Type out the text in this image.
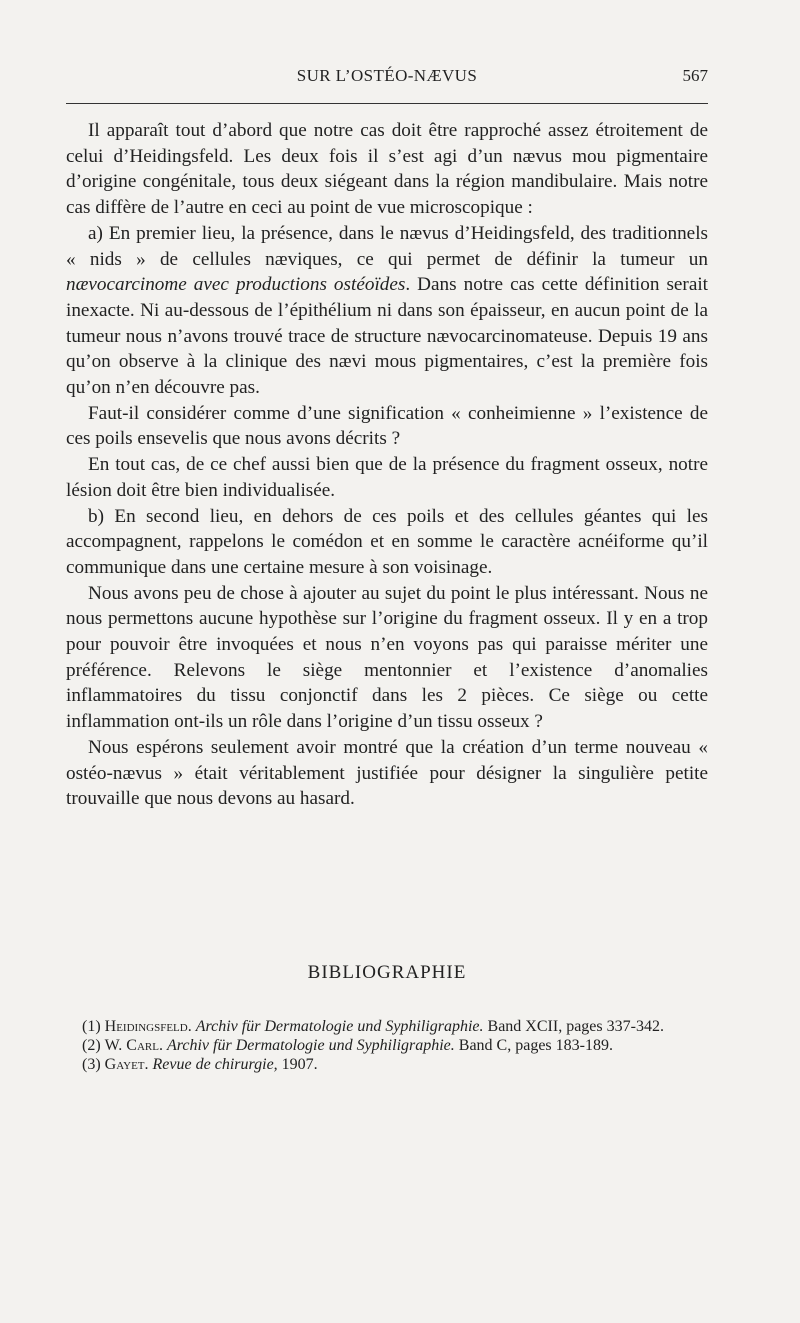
SUR L’OSTÉO-NÆVUS	567

Il apparaît tout d’abord que notre cas doit être rapproché assez étroitement de celui d’Heidingsfeld. Les deux fois il s’est agi d’un nævus mou pigmentaire d’origine congénitale, tous deux siégeant dans la région mandibulaire. Mais notre cas diffère de l’autre en ceci au point de vue microscopique :

a) En premier lieu, la présence, dans le nævus d’Heidingsfeld, des traditionnels « nids » de cellules næviques, ce qui permet de définir la tumeur un nævocarcinome avec productions ostéoïdes. Dans notre cas cette définition serait inexacte. Ni au-dessous de l’épithélium ni dans son épaisseur, en aucun point de la tumeur nous n’avons trouvé trace de structure nævocarcinomateuse. Depuis 19 ans qu’on observe à la clinique des nævi mous pigmentaires, c’est la première fois qu’on n’en découvre pas.

Faut-il considérer comme d’une signification « conheimienne » l’existence de ces poils ensevelis que nous avons décrits ?

En tout cas, de ce chef aussi bien que de la présence du fragment osseux, notre lésion doit être bien individualisée.

b) En second lieu, en dehors de ces poils et des cellules géantes qui les accompagnent, rappelons le comédon et en somme le caractère acnéiforme qu’il communique dans une certaine mesure à son voisinage.

Nous avons peu de chose à ajouter au sujet du point le plus intéressant. Nous ne nous permettons aucune hypothèse sur l’origine du fragment osseux. Il y en a trop pour pouvoir être invoquées et nous n’en voyons pas qui paraisse mériter une préférence. Relevons le siège mentonnier et l’existence d’anomalies inflammatoires du tissu conjonctif dans les 2 pièces. Ce siège ou cette inflammation ont-ils un rôle dans l’origine d’un tissu osseux ?

Nous espérons seulement avoir montré que la création d’un terme nouveau « ostéo-nævus » était véritablement justifiée pour désigner la singulière petite trouvaille que nous devons au hasard.

BIBLIOGRAPHIE

(1) Heidingsfeld. Archiv für Dermatologie und Syphiligraphie. Band XCII, pages 337-342.

(2) W. Carl. Archiv für Dermatologie und Syphiligraphie. Band C, pages 183-189.

(3) Gayet. Revue de chirurgie, 1907.
